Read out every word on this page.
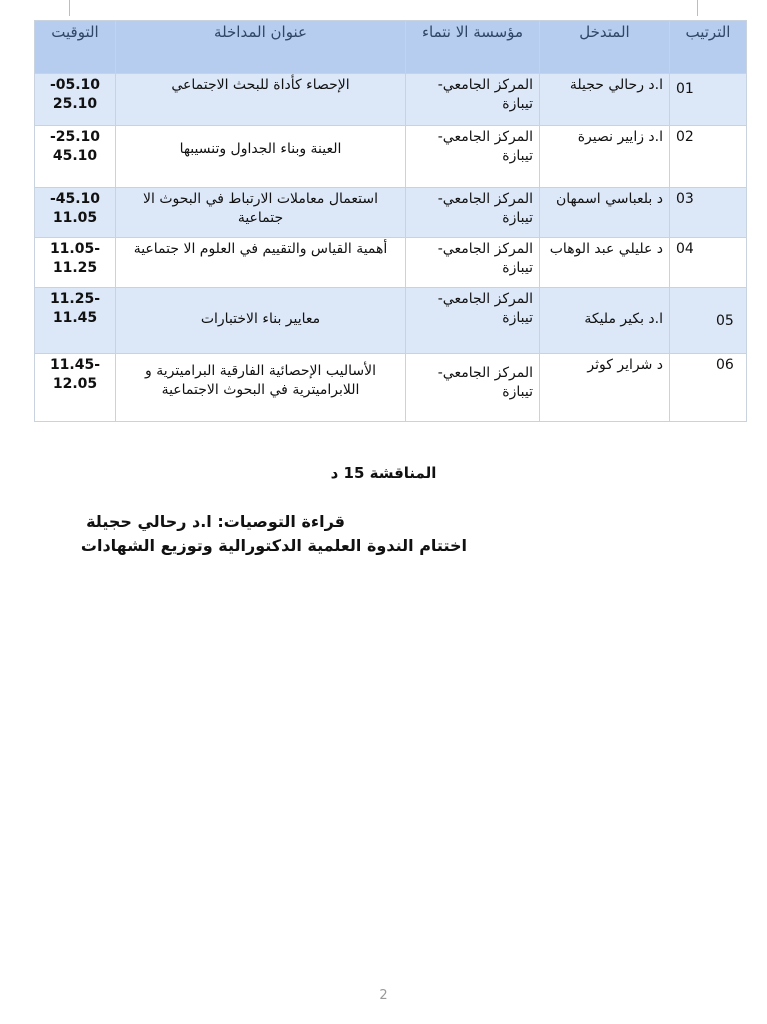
التوقيت	عنوان المداخلة	مؤسسة الا نتماء	المتدخل	الترتيب
05.10- 25.10	الإحصاء كأداة للبحث الاجتماعي	المركز الجامعي- تيبازة	ا.د رحالي حجيلة	01
25.10- 45.10	العينة وبناء الجداول وتنسيبها	المركز الجامعي- تيبازة	ا.د زايير نصيرة	02
45.10- 11.05	استعمال معاملات الارتباط في البحوث الا جتماعية	المركز الجامعي- تيبازة	د بلعباسي اسمهان	03
-11.05 11.25	أهمية القياس والتقييم في العلوم الا جتماعية	المركز الجامعي- تيبازة	د عليلي عبد الوهاب	04
-11.25 11.45	معايير بناء الاختبارات	المركز الجامعي- تيبازة	ا.د بكير مليكة	05
-11.45 12.05	الأساليب الإحصائية الفارقية البراميترية و اللابراميترية في البحوث الاجتماعية	المركز الجامعي- تيبازة	د شراير كوثر	06
المناقشة 15 د
قراءة التوصيات: ا.د رحالي حجيلة
اختتام الندوة العلمية الدكتورالية وتوزيع الشهادات
2
